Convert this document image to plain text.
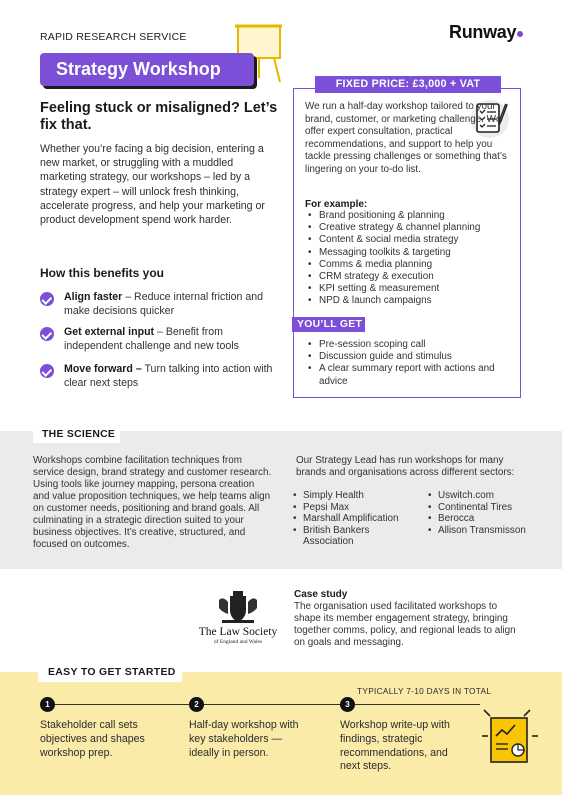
RAPID RESEARCH SERVICE	Runway
Strategy Workshop
Feeling stuck or misaligned? Let’s fix that.
Whether you’re facing a big decision, entering a new market, or struggling with a muddled marketing strategy, our workshops – led by a strategy expert – will unlock fresh thinking, accelerate progress, and help your marketing or product development spend work harder.
How this benefits you

Align faster – Reduce internal friction and make decisions quicker

Get external input – Benefit from independent challenge and new tools

Move forward – Turn talking into action with clear next steps

FIXED PRICE: £3,000 + VAT
We run a half-day workshop tailored to your brand, customer, or marketing challenge. We offer expert consultation, practical recommendations, and support to help you tackle pressing challenges or something that’s lingering on your to-do list.
For example:
• Brand positioning & planning
• Creative strategy & channel planning
• Content & social media strategy
• Messaging toolkits & targeting
• Comms & media planning
• CRM strategy & execution
• KPI setting & measurement
• NPD & launch campaigns
YOU’LL GET
• Pre-session scoping call
• Discussion guide and stimulus
• A clear summary report with actions and advice
THE SCIENCE
Workshops combine facilitation techniques from service design, brand strategy and customer research. Using tools like journey mapping, persona creation and value proposition techniques, we help teams align on customer needs, positioning and brand goals. All culminating in a strategic direction suited to your business objectives. It’s creative, structured, and focused on outcomes.
Our Strategy Lead has run workshops for many brands and organisations across different sectors:
• Simply Health
• Pepsi Max
• Marshall Amplification
• British Bankers Association
• Uswitch.com
• Continental Tires
• Berocca
• Allison Transmisson
The Law Society
of England and Wales
Case study
The organisation used facilitated workshops to shape its member engagement strategy, bringing together comms, policy, and regional leads to align on goals and messaging.
EASY TO GET STARTED
TYPICALLY 7-10 DAYS IN TOTAL
1	2	3
Stakeholder call sets objectives and shapes workshop prep.
Half-day workshop with key stakeholders — ideally in person.
Workshop write-up with findings, strategic recommendations, and next steps.
